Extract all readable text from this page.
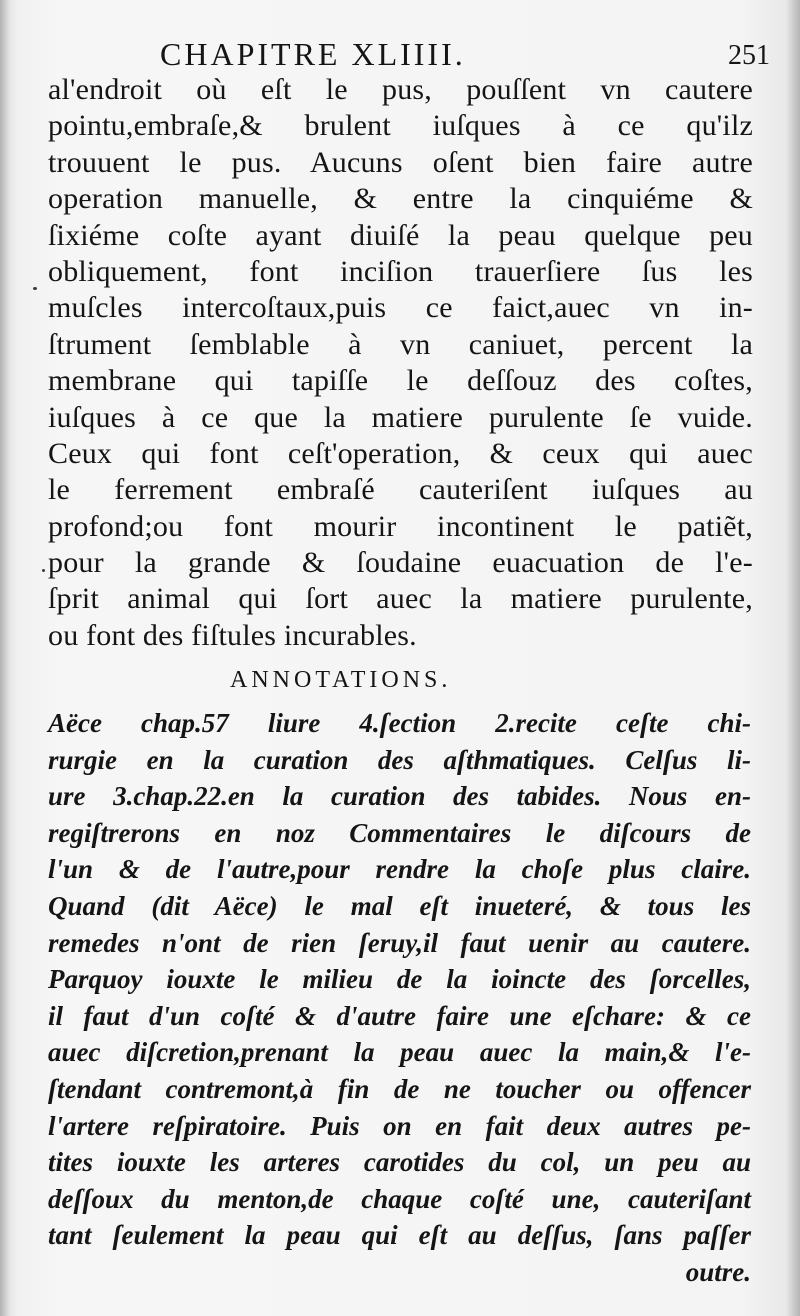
CHAPITRE XLIIII.	251
al'endroit où eſt le pus, pouſſent vn cautere
pointu,embraſe,& brulent iuſques à ce qu'ilz
trouuent le pus. Aucuns oſent bien faire autre
operation manuelle, & entre la cinquiéme &
ſixiéme coſte ayant diuiſé la peau quelque peu
obliquement, font inciſion trauerſiere ſus les
muſcles intercoſtaux,puis ce faict,auec vn in-
ſtrument ſemblable à vn caniuet, percent la
membrane qui tapiſſe le deſſouz des coſtes,
iuſques à ce que la matiere purulente ſe vuide.
Ceux qui font ceſt'operation, & ceux qui auec
le ferrement embraſé cauteriſent iuſques au
profond;ou font mourir incontinent le patiẽt,
pour la grande & ſoudaine euacuation de l'e-
ſprit animal qui ſort auec la matiere purulente,
ou font des fiſtules incurables.
ANNOTATIONS.
Aëce chap.57 liure 4.ſection 2.recite ceſte chi-
rurgie en la curation des aſthmatiques. Celſus li-
ure 3.chap.22.en la curation des tabides. Nous en-
regiſtrerons en noz Commentaires le diſcours de
l'un & de l'autre,pour rendre la choſe plus claire.
Quand (dit Aëce) le mal eſt inueteré, & tous les
remedes n'ont de rien ſeruy,il faut uenir au cautere.
Parquoy iouxte le milieu de la ioincte des ſorcelles,
il faut d'un coſté & d'autre faire une eſchare: & ce
auec diſcretion,prenant la peau auec la main,& l'e-
ſtendant contremont,à fin de ne toucher ou offencer
l'artere reſpiratoire. Puis on en fait deux autres pe-
tites iouxte les arteres carotides du col, un peu au
deſſoux du menton,de chaque coſté une, cauteriſant
tant ſeulement la peau qui eſt au deſſus, ſans paſſer
outre.
